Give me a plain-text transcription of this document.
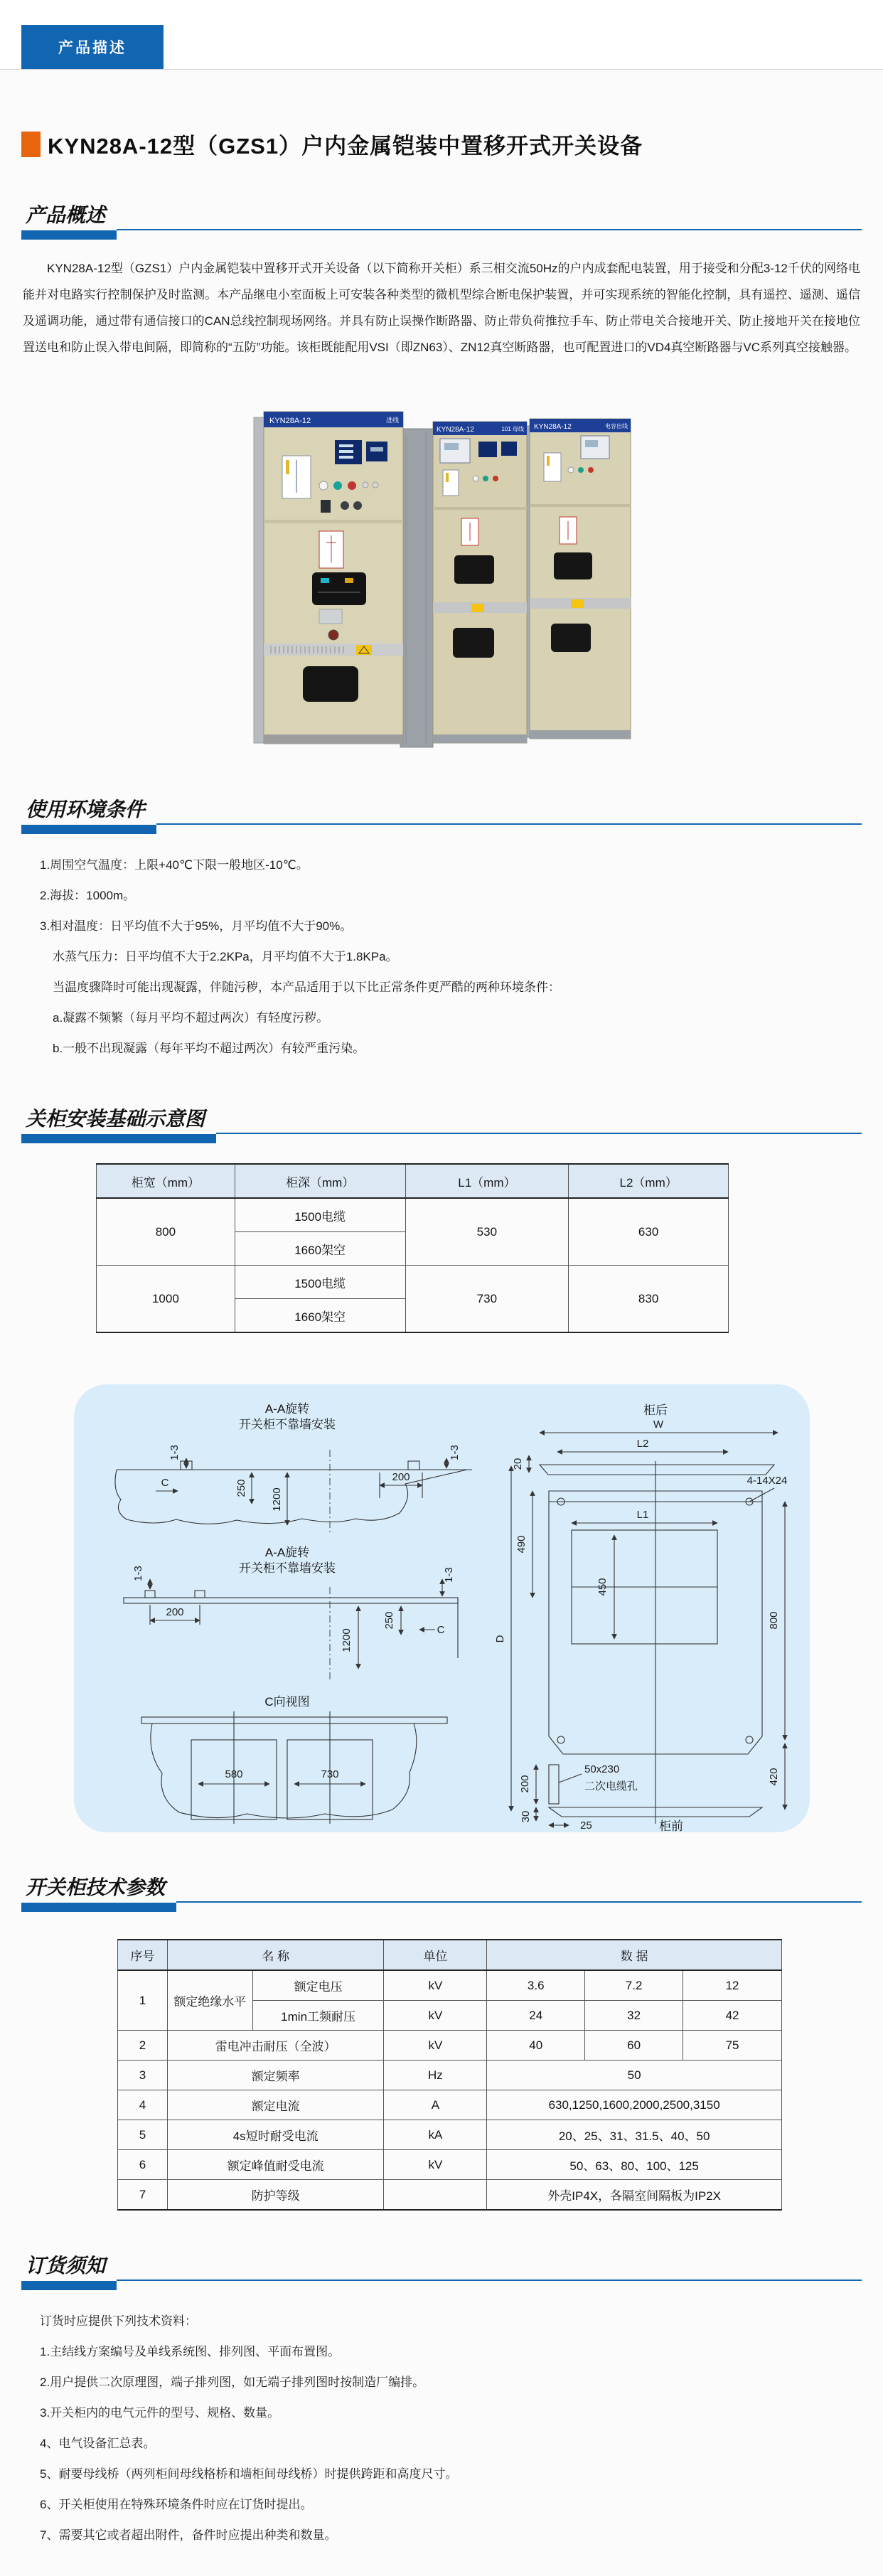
产品描述
KYN28A-12型（GZS1）户内金属铠装中置移开式开关设备
产品概述

KYN28A-12型（GZS1）户内金属铠装中置移开式开关设备（以下简称开关柜）系三相交流50Hz的户内成套配电装置，用于接受和分配3-12千伏的网络电能并对电路实行控制保护及时监测。本产品继电小室面板上可安装各种类型的微机型综合断电保护装置，并可实现系统的智能化控制，具有遥控、遥测、遥信及遥调功能，通过带有通信接口的CAN总线控制现场网络。并具有防止误操作断路器、防止带负荷推拉手车、防止带电关合接地开关、防止接地开关在接地位置送电和防止误入带电间隔，即简称的“五防”功能。该柜既能配用VSI（即ZN63）、ZN12真空断路器，也可配置进口的VD4真空断路器与VC系列真空接触器。

KYN28A-12	电容出线
KYN28A-12	101 母线
KYN28A-12	进线
使用环境条件
1.周围空气温度：上限+40℃下限一般地区-10℃。
2.海拔：1000m。
3.相对温度：日平均值不大于95%，月平均值不大于90%。
水蒸气压力：日平均值不大于2.2KPa，月平均值不大于1.8KPa。
当温度骤降时可能出现凝露，伴随污秽，本产品适用于以下比正常条件更严酷的两种环境条件：
a.凝露不频繁（每月平均不超过两次）有轻度污秽。
b.一般不出现凝露（每年平均不超过两次）有较严重污染。
关柜安装基础示意图
柜宽（mm）	柜深（mm）	L1（mm）	L2（mm）
800	1500电缆	530	630
	1660架空		
1000	1500电缆	730	830
	1660架空		
A-A旋转
开关柜不靠墙安装
1-3
C	250 1200
200
1-3
A-A旋转
开关柜不靠墙安装
1-3
200
1200
250
C
1-3
C向视图
580	730
柜后
W
L2
20
4-14X24
L1
450
490
D
800
50x230
二次电缆孔
200	420
30
25	柜前
开关柜技术参数
序号	名 称		单位	数 据		
1	额定绝缘水平	额定电压	kV	3.6	7.2	12
		1min工频耐压	kV	24	32	42
2	雷电冲击耐压（全波）		kV	40	60	75
3	额定频率		Hz	50		
4	额定电流		A	630,1250,1600,2000,2500,3150		
5	4s短时耐受电流		kA	20、25、31、31.5、40、50		
6	额定峰值耐受电流		kV	50、63、80、100、125		
7	防护等级			外壳IP4X，各隔室间隔板为IP2X		
订货须知
订货时应提供下列技术资料：
1.主结线方案编号及单线系统图、排列图、平面布置图。
2.用户提供二次原理图，端子排列图，如无端子排列图时按制造厂编排。
3.开关柜内的电气元件的型号、规格、数量。
4、电气设备汇总表。
5、耐要母线桥（两列柜间母线格桥和墙柜间母线桥）时提供跨距和高度尺寸。
6、开关柜使用在特殊环境条件时应在订货时提出。
7、需要其它或者超出附件，备件时应提出种类和数量。
